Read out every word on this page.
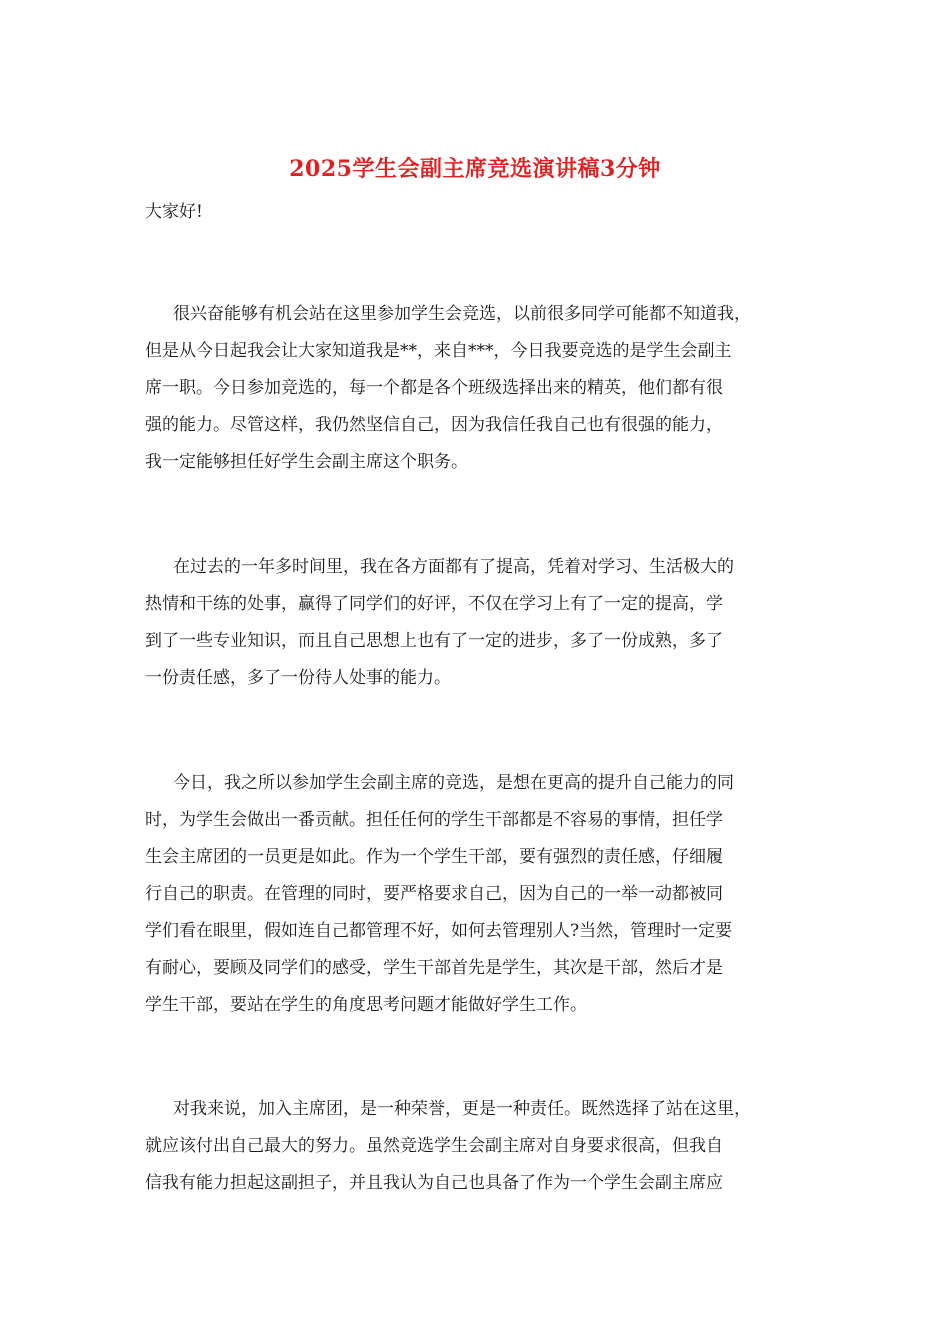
2025学生会副主席竞选演讲稿3分钟

大家好!

很兴奋能够有机会站在这里参加学生会竞选，以前很多同学可能都不知道我，
但是从今日起我会让大家知道我是**，来自***，今日我要竞选的是学生会副主
席一职。今日参加竞选的，每一个都是各个班级选择出来的精英，他们都有很
强的能力。尽管这样，我仍然坚信自己，因为我信任我自己也有很强的能力，
我一定能够担任好学生会副主席这个职务。

在过去的一年多时间里，我在各方面都有了提高，凭着对学习、生活极大的
热情和干练的处事，赢得了同学们的好评，不仅在学习上有了一定的提高，学
到了一些专业知识，而且自己思想上也有了一定的进步，多了一份成熟，多了
一份责任感，多了一份待人处事的能力。

今日，我之所以参加学生会副主席的竞选，是想在更高的提升自己能力的同
时，为学生会做出一番贡献。担任任何的学生干部都是不容易的事情，担任学
生会主席团的一员更是如此。作为一个学生干部，要有强烈的责任感，仔细履
行自己的职责。在管理的同时，要严格要求自己，因为自己的一举一动都被同
学们看在眼里，假如连自己都管理不好，如何去管理别人?当然，管理时一定要
有耐心，要顾及同学们的感受，学生干部首先是学生，其次是干部，然后才是
学生干部，要站在学生的角度思考问题才能做好学生工作。

对我来说，加入主席团，是一种荣誉，更是一种责任。既然选择了站在这里，
就应该付出自己最大的努力。虽然竞选学生会副主席对自身要求很高，但我自
信我有能力担起这副担子，并且我认为自己也具备了作为一个学生会副主席应
